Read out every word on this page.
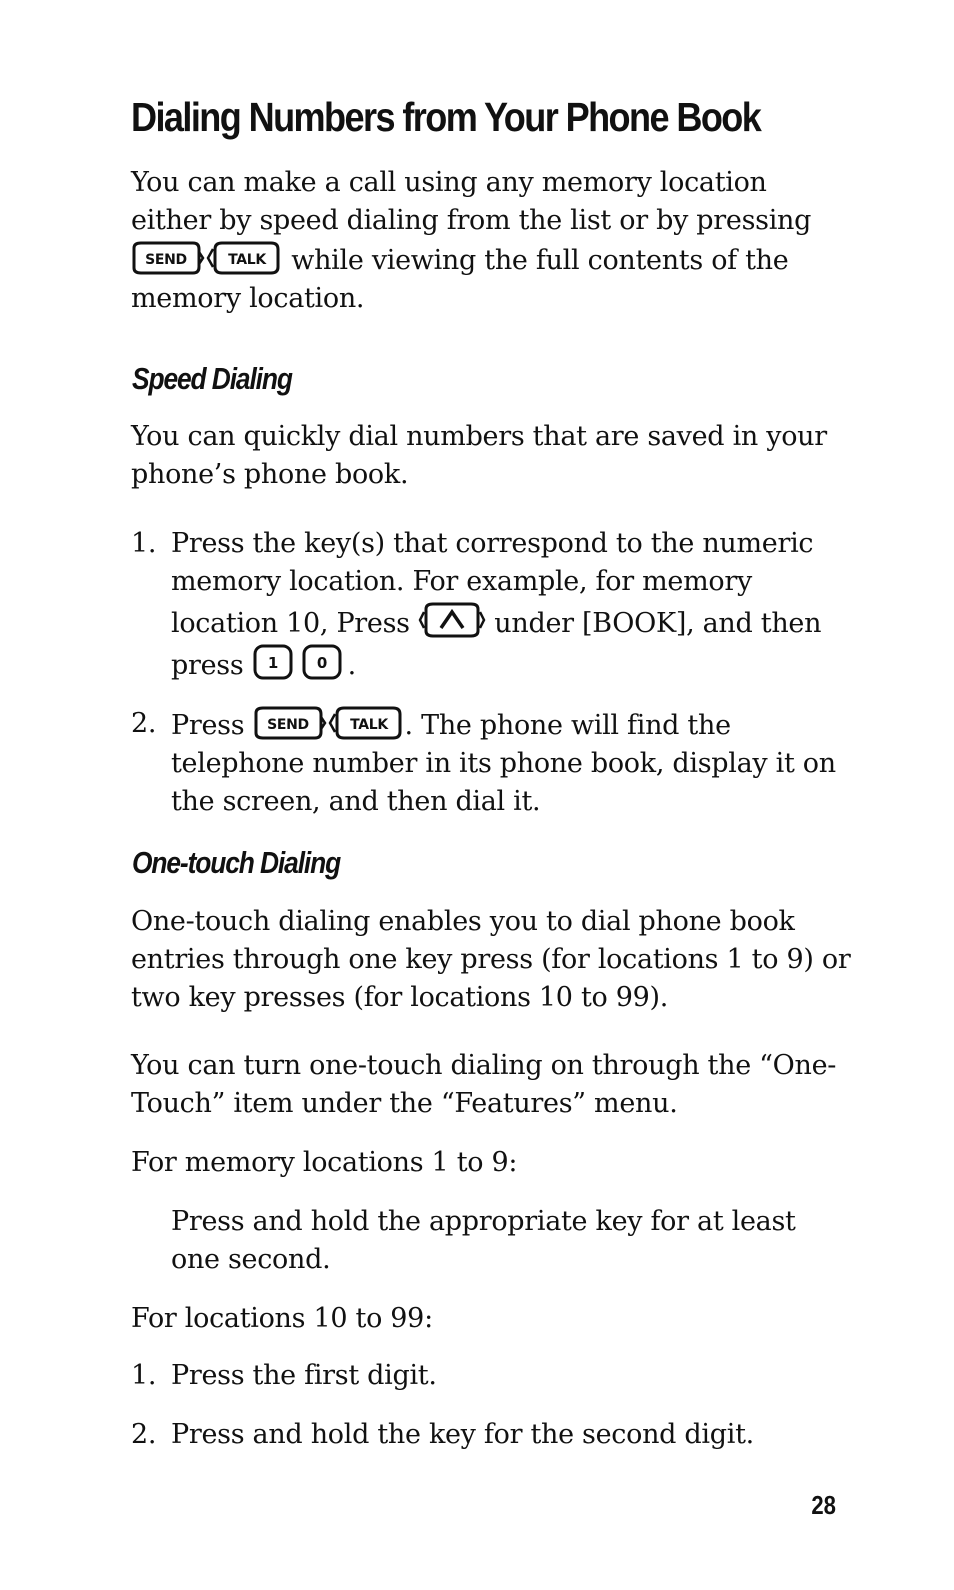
Dialing Numbers from Your Phone Book

You can make a call using any memory location either by speed dialing from the list or by pressing

SEND	TALK while viewing the full contents of the memory location.

Speed Dialing

You can quickly dial numbers that are saved in your phone’s phone book.

1. Press the key(s) that correspond to the numeric memory location. For example, for memory location 10, Press	under [BOOK], and then press 1	0 .
2. Press SEND	TALK . The phone will find the telephone number in its phone book, display it on the screen, and then dial it.
One-touch Dialing

One-touch dialing enables you to dial phone book entries through one key press (for locations 1 to 9) or two key presses (for locations 10 to 99).

You can turn one-touch dialing on through the “One-Touch” item under the “Features” menu.

For memory locations 1 to 9:

Press and hold the appropriate key for at least one second.

For locations 10 to 99:

1. Press the first digit.
2. Press and hold the key for the second digit.
28
